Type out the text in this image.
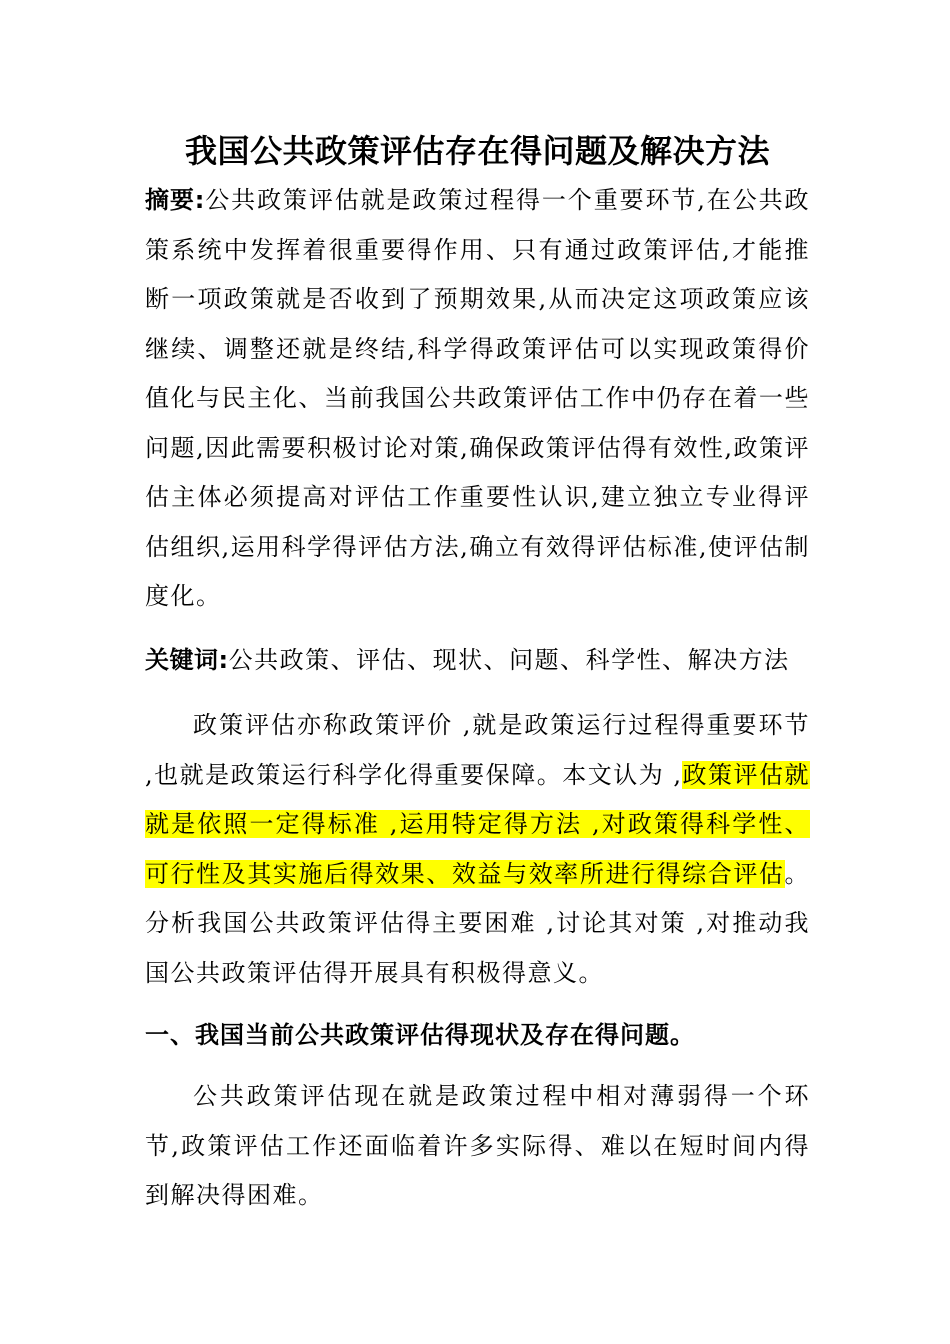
我国公共政策评估存在得问题及解决方法

摘要:公共政策评估就是政策过程得一个重要环节,在公共政策系统中发挥着很重要得作用、只有通过政策评估,才能推断一项政策就是否收到了预期效果,从而决定这项政策应该继续、调整还就是终结,科学得政策评估可以实现政策得价值化与民主化、当前我国公共政策评估工作中仍存在着一些问题,因此需要积极讨论对策,确保政策评估得有效性,政策评估主体必须提高对评估工作重要性认识,建立独立专业得评估组织,运用科学得评估方法,确立有效得评估标准,使评估制度化。

关键词:公共政策、评估、现状、问题、科学性、解决方法

政策评估亦称政策评价 ,就是政策运行过程得重要环节 ,也就是政策运行科学化得重要保障。本文认为 ,政策评估就就是依照一定得标准 ,运用特定得方法 ,对政策得科学性、可行性及其实施后得效果、效益与效率所进行得综合评估。分析我国公共政策评估得主要困难 ,讨论其对策 ,对推动我国公共政策评估得开展具有积极得意义。

一、我国当前公共政策评估得现状及存在得问题。

公共政策评估现在就是政策过程中相对薄弱得一个环节,政策评估工作还面临着许多实际得、难以在短时间内得到解决得困难。
